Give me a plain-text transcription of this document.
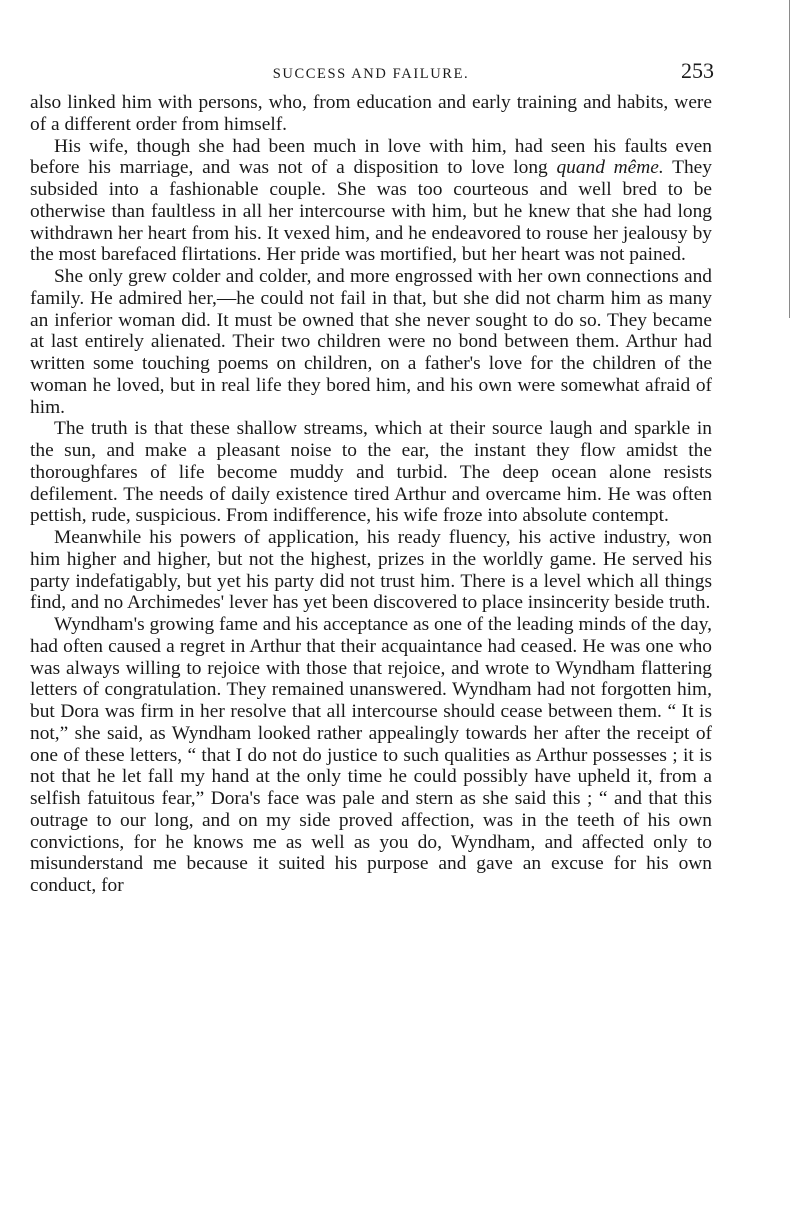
SUCCESS AND FAILURE.	253

also linked him with persons, who, from education and early training and habits, were of a different order from himself.

His wife, though she had been much in love with him, had seen his faults even before his marriage, and was not of a disposition to love long quand même. They subsided into a fashionable couple. She was too courteous and well bred to be otherwise than faultless in all her intercourse with him, but he knew that she had long withdrawn her heart from his. It vexed him, and he endeavored to rouse her jealousy by the most barefaced flirtations. Her pride was mortified, but her heart was not pained.

She only grew colder and colder, and more engrossed with her own connections and family. He admired her,—he could not fail in that, but she did not charm him as many an inferior woman did. It must be owned that she never sought to do so. They became at last entirely alienated. Their two children were no bond between them. Arthur had written some touching poems on children, on a father's love for the children of the woman he loved, but in real life they bored him, and his own were somewhat afraid of him.

The truth is that these shallow streams, which at their source laugh and sparkle in the sun, and make a pleasant noise to the ear, the instant they flow amidst the thoroughfares of life become muddy and turbid. The deep ocean alone resists defilement. The needs of daily existence tired Arthur and overcame him. He was often pettish, rude, suspicious. From indifference, his wife froze into absolute contempt.

Meanwhile his powers of application, his ready fluency, his active industry, won him higher and higher, but not the highest, prizes in the worldly game. He served his party indefatigably, but yet his party did not trust him. There is a level which all things find, and no Archimedes' lever has yet been discovered to place insincerity beside truth.

Wyndham's growing fame and his acceptance as one of the leading minds of the day, had often caused a regret in Arthur that their acquaintance had ceased. He was one who was always willing to rejoice with those that rejoice, and wrote to Wyndham flattering letters of congratulation. They remained unanswered. Wyndham had not forgotten him, but Dora was firm in her resolve that all intercourse should cease between them. “ It is not,” she said, as Wyndham looked rather appealingly towards her after the receipt of one of these letters, “ that I do not do justice to such qualities as Arthur possesses ; it is not that he let fall my hand at the only time he could possibly have upheld it, from a selfish fatuitous fear,” Dora's face was pale and stern as she said this ; “ and that this outrage to our long, and on my side proved affection, was in the teeth of his own convictions, for he knows me as well as you do, Wyndham, and affected only to misunderstand me because it suited his purpose and gave an excuse for his own conduct, for
